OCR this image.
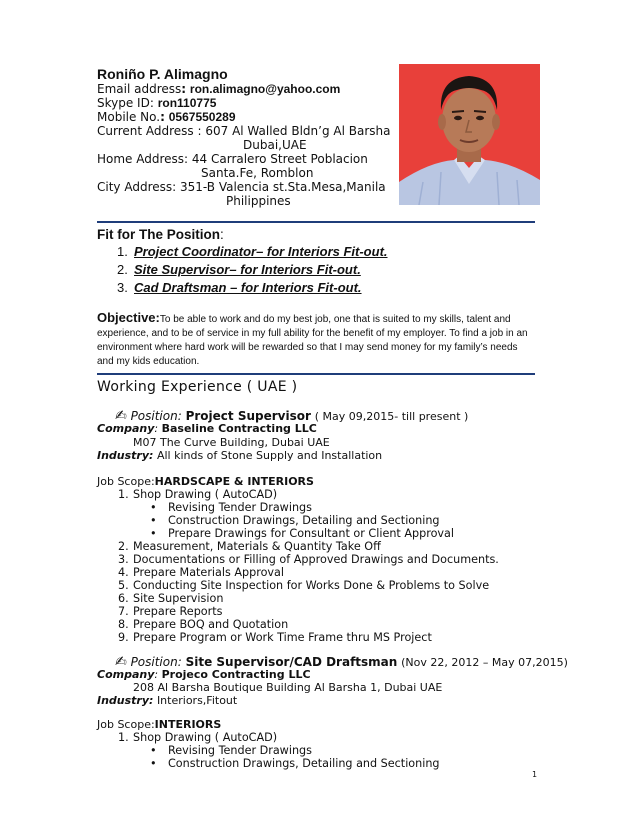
Roniño P. Alimagno
Email address: ron.alimagno@yahoo.com
Skype ID: ron110775
Mobile No.: 0567550289
Current Address : 607 Al Walled Bldn’g Al Barsha
Dubai,UAE
Home Address: 44 Carralero Street Poblacion
Santa.Fe, Romblon
City Address: 351-B Valencia st.Sta.Mesa,Manila
Philippines
Fit for The Position:
1. Project Coordinator– for Interiors Fit-out.
2. Site Supervisor– for Interiors Fit-out.
3. Cad Draftsman – for Interiors Fit-out.
Objective:To be able to work and do my best job, one that is suited to my skills, talent and experience, and to be of service in my full ability for the benefit of my employer. To find a job in an environment where hard work will be rewarded so that I may send money for my family’s needs and my kids education.
Working Experience ( UAE )
✍ Position: Project Supervisor ( May 09,2015- till present )
Company: Baseline Contracting LLC
M07 The Curve Building, Dubai UAE
Industry: All kinds of Stone Supply and Installation
Job Scope:HARDSCAPE & INTERIORS
1. Shop Drawing ( AutoCAD)
• Revising Tender Drawings
• Construction Drawings, Detailing and Sectioning
• Prepare Drawings for Consultant or Client Approval
2. Measurement, Materials & Quantity Take Off
3. Documentations or Filling of Approved Drawings and Documents.
4. Prepare Materials Approval
5. Conducting Site Inspection for Works Done & Problems to Solve
6. Site Supervision
7. Prepare Reports
8. Prepare BOQ and Quotation
9. Prepare Program or Work Time Frame thru MS Project
✍ Position: Site Supervisor/CAD Draftsman (Nov 22, 2012 – May 07,2015)
Company: Projeco Contracting LLC
208 Al Barsha Boutique Building Al Barsha 1, Dubai UAE
Industry: Interiors,Fitout
Job Scope:INTERIORS
1. Shop Drawing ( AutoCAD)
• Revising Tender Drawings
• Construction Drawings, Detailing and Sectioning
1
